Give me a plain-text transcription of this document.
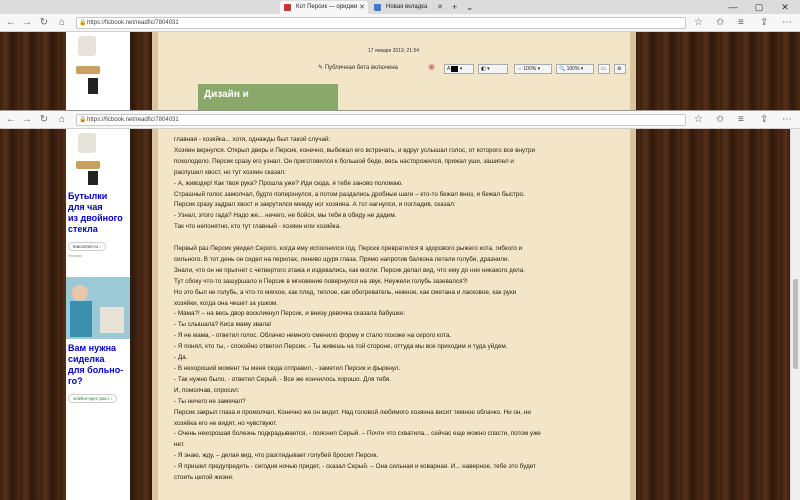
Кот Персик — ориджи ✕	Новая вкладка ✕ + ⌄	—	▢	✕
← → ↻	⌂	🔒 https://ficbook.net/readfic/7804031	☆ ✩ ≡ ⇪ ⋯
17 января 2019, 21:54
✎ Публичная бета включена	◉	A  ▾	◧ ▾	⇔ 100% ▾	🔍 100% ▾	▭	⚙
Дизайн и
← → ↻	⌂	🔒 https://ficbook.net/readfic/7804031	☆ ✩ ≡ ⇪ ⋯
Бутылки
для чая
из двойного
стекла
teaconner.ru ›
Реклама
Вам нужна
сиделка
для больно-
го?
sidelka-spec-pair.r ›

главная - хозяйка... хотя, однажды был такой случай:

Хозяин вернулся. Открыл дверь и Персик, конечно, выбежал его встречать, и вдруг услышал голос, от которого все внутри

похолодело. Персик сразу его узнал. Он приготовился к большой беде, весь насторожился, прижал уши, зашипел и

распушил хвост, но тут хозяин сказал:

- А, живодер! Как твоя рука? Прошла уже? Иди сюда, я тебе заново поломаю.

Страшный голос замолчал, будто поперхнулся, а потом раздались дробные шаги – кто-то бежал вниз, и бежал быстро.

Персик сразу задрал хвост и закрутился между ног хозяина. А тот нагнулся, и погладив, сказал:

- Узнал, этого гада? Надо же... ничего, не бойся, мы тебя в обиду не дадим.

Так что непонятно, кто тут главный - хозяин или хозяйка.

Первый раз Персик увидел Серого, когда ему исполнился год. Персик превратился в здорового рыжего кота, гибкого и

сильного. В тот день он сидел на перилах, лениво щуря глаза. Прямо напротив балкона летали голуби, дразнили.

Знали, что он не прыгнет с четвертого этажа и издевались, как могли. Персик делал вид, что ему до них никакого дела.

Тут сбоку что-то зашуршало и Персик в мгновение повернулся на звук. Неужели голубь зазевался?!

Но это был не голубь, а что-то мягкое, как плед, теплое, как обогреватель, нежное, как сметана и ласковое, как руки

хозяйки, когда она чешет за ушком.

- Мама?! – на весь двор воскликнул Персик, и внизу девочка сказала бабушке:

- Ты слышала? Киса маму звала!

- Я не мама, - ответил голос. Облачко немного сменило форму и стало похоже на серого кота.

- Я понял, кто ты, - спокойно ответил Персик. - Ты живешь на той стороне, оттуда мы все приходим и туда уйдем.

- Да.

- В нехороший момент ты меня сюда отправил, - заметил Персик и фыркнул.

- Так нужно было, - ответил Серый. - Все же кончилось хорошо. Для тебя.

И, помолчав, спросил:

- Ты ничего не замечал?

Персик закрыл глаза и промолчал. Конечно же он видит. Над головой любимого хозяина висит темное облачко. Ни он, ни

хозяйка его не видят, но чувствуют.

- Очень нехорошая болезнь подкрадывается, - пояснил Серый. – Почти что схватила... сейчас еще можно спасти, потом уже

нет.

- Я знаю, жду, – делая вид, что разглядывает голубей бросил Персик.

- Я пришел предупредить - сегодня ночью придет, - сказал Серый. – Она сильная и коварная. И... наверное, тебе это будет

стоить целой жизни.
